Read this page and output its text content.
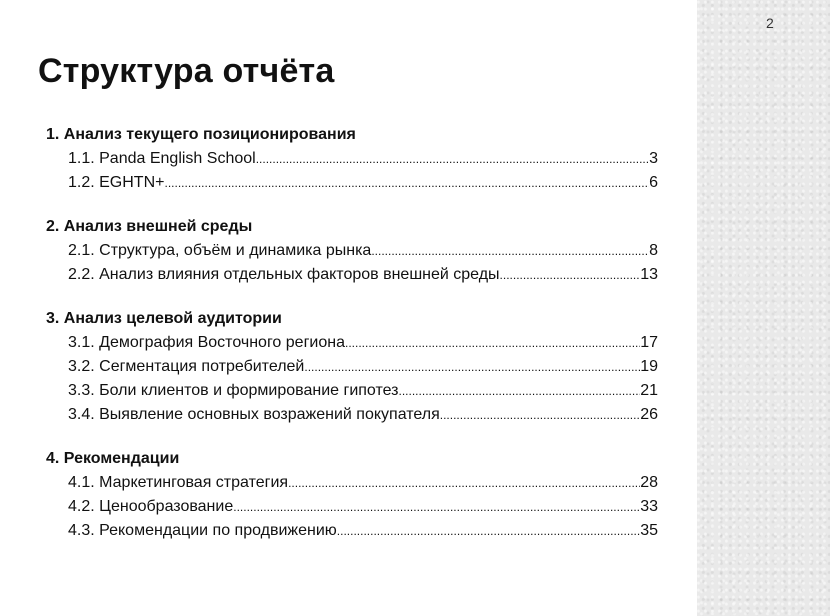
2
Структура отчёта
1. Анализ текущего позиционирования
1.1. Panda English School .....	3
1.2. EGHTN+ .....	6
2. Анализ внешней среды
2.1. Структура, объём и динамика рынка .....	8
2.2. Анализ влияния отдельных факторов внешней среды .....	13
3. Анализ целевой аудитории
3.1. Демография Восточного региона .....	17
3.2. Сегментация потребителей .....	19
3.3. Боли клиентов и формирование гипотез .....	21
3.4. Выявление основных возражений покупателя .....	26
4. Рекомендации
4.1. Маркетинговая стратегия .....	28
4.2. Ценообразование .....	33
4.3. Рекомендации по продвижению .....	35
